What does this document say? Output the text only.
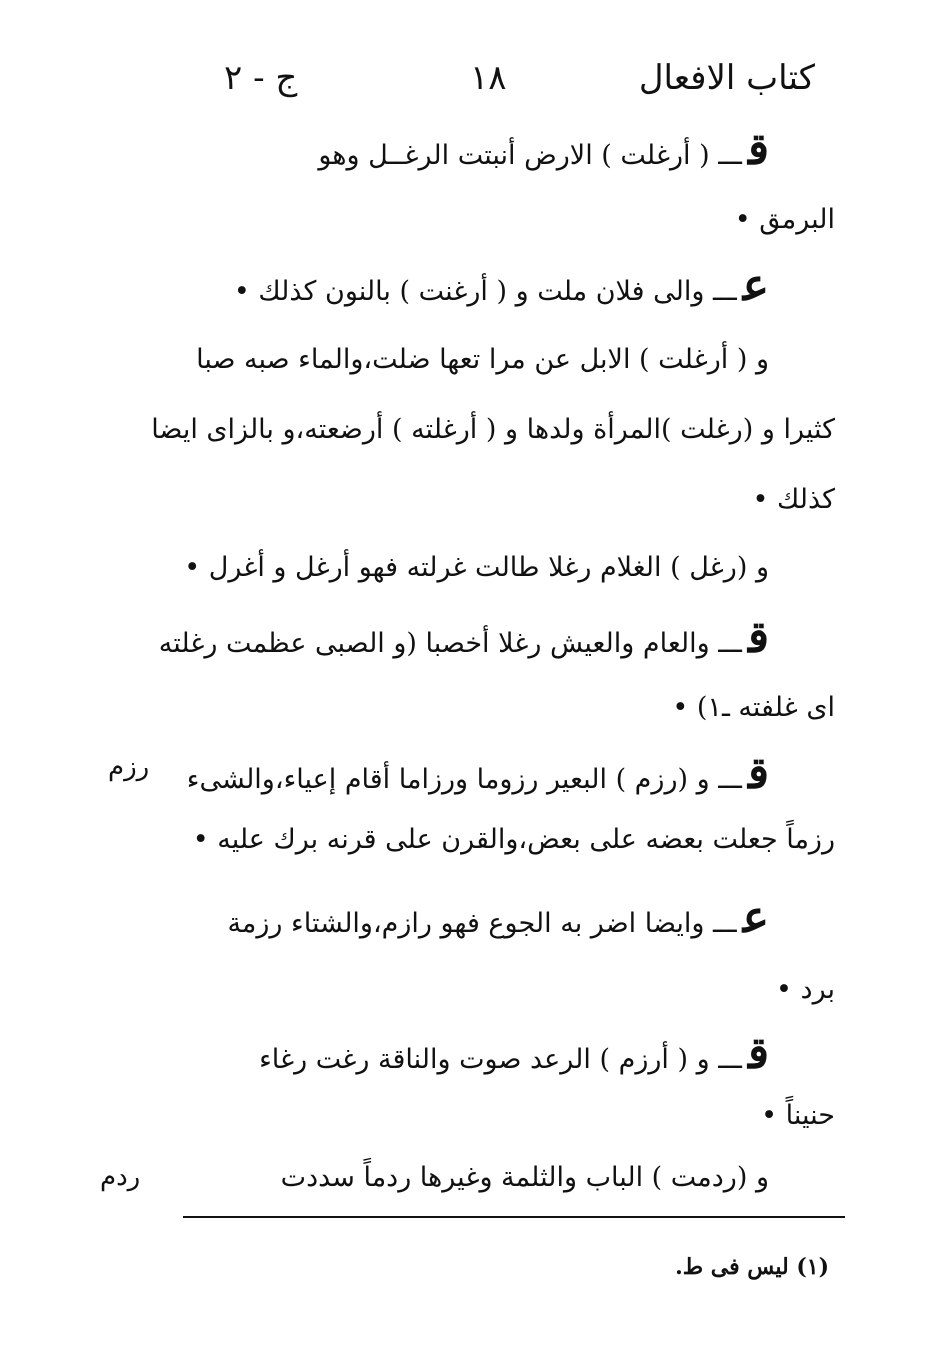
كتاب الافعال
١٨
ج - ٢
قـــ ( أرغلت ) الارض أنبتت الرغــل وهو
البرمق •
عـــ والى فلان ملت و ( أرغنت ) بالنون كذلك •
و ( أرغلت ) الابل عن مرا تعها ضلت،والماء صبه صبا
كثيرا و (رغلت )المرأة ولدها و ( أرغلته ) أرضعته،و بالزاى ايضا
كذلك •
و (رغل ) الغلام رغلا طالت غرلته فهو أرغل و أغرل •
قـــ والعام والعيش رغلا أخصبا (و الصبى عظمت رغلته
اى غلفته ـ١) •
قـــ و (رزم ) البعير رزوما ورزاما أقام إعياء،والشىء
رزماً جعلت بعضه على بعض،والقرن على قرنه برك عليه •
عـــ وايضا اضر به الجوع فهو رازم،والشتاء رزمة
برد •
قـــ و ( أرزم ) الرعد صوت والناقة رغت رغاء
حنيناً •
و (ردمت ) الباب والثلمة وغيرها ردماً سددت
رزم
ردم
(١) ليس فى ط.
